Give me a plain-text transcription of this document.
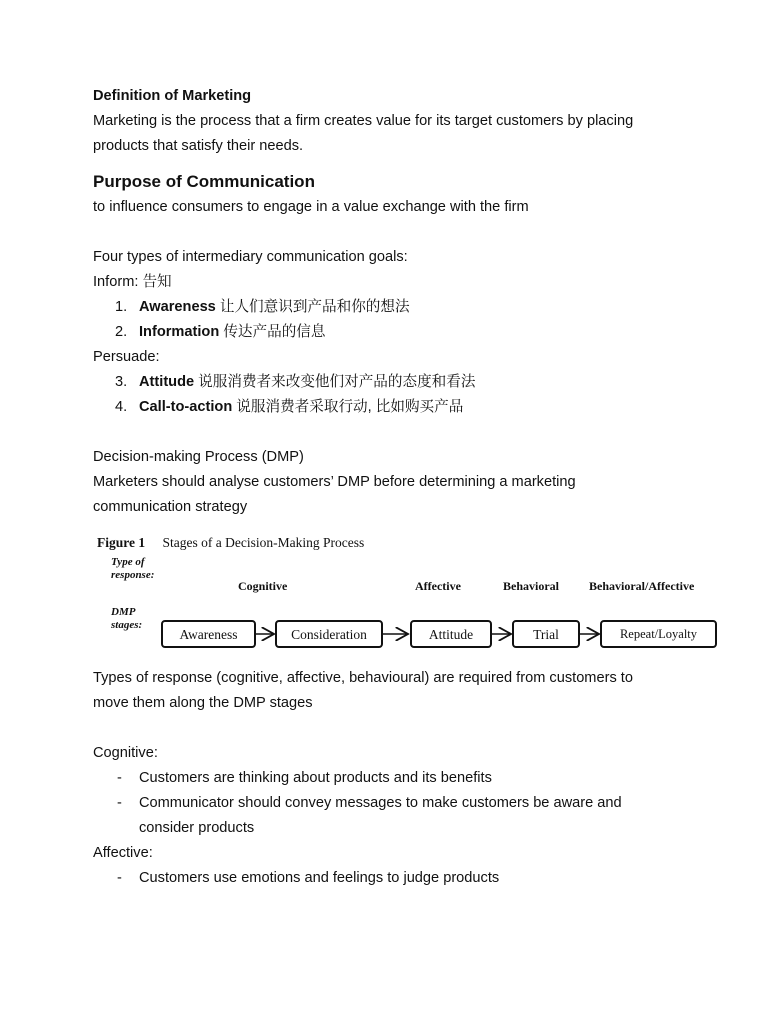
Definition of Marketing

Marketing is the process that a firm creates value for its target customers by placing

products that satisfy their needs.

Purpose of Communication

to influence consumers to engage in a value exchange with the firm

Four types of intermediary communication goals:

Inform: 告知

1. Awareness 让人们意识到产品和你的想法
2. Information 传达产品的信息

Persuade:

3. Attitude 说服消费者来改变他们对产品的态度和看法
4. Call-to-action 说服消费者采取行动, 比如购买产品

Decision-making Process (DMP)

Marketers should analyse customers’ DMP before determining a marketing

communication strategy

Figure 1 Stages of a Decision-Making Process
Type of
response:
DMP
stages:
Cognitive	Affective	Behavioral	Behavioral/Affective
Awareness	Consideration	Attitude	Trial	Repeat/Loyalty

Types of response (cognitive, affective, behavioural) are required from customers to

move them along the DMP stages

Cognitive:

- Customers are thinking about products and its benefits
- Communicator should convey messages to make customers be aware and
consider products

Affective:

- Customers use emotions and feelings to judge products
